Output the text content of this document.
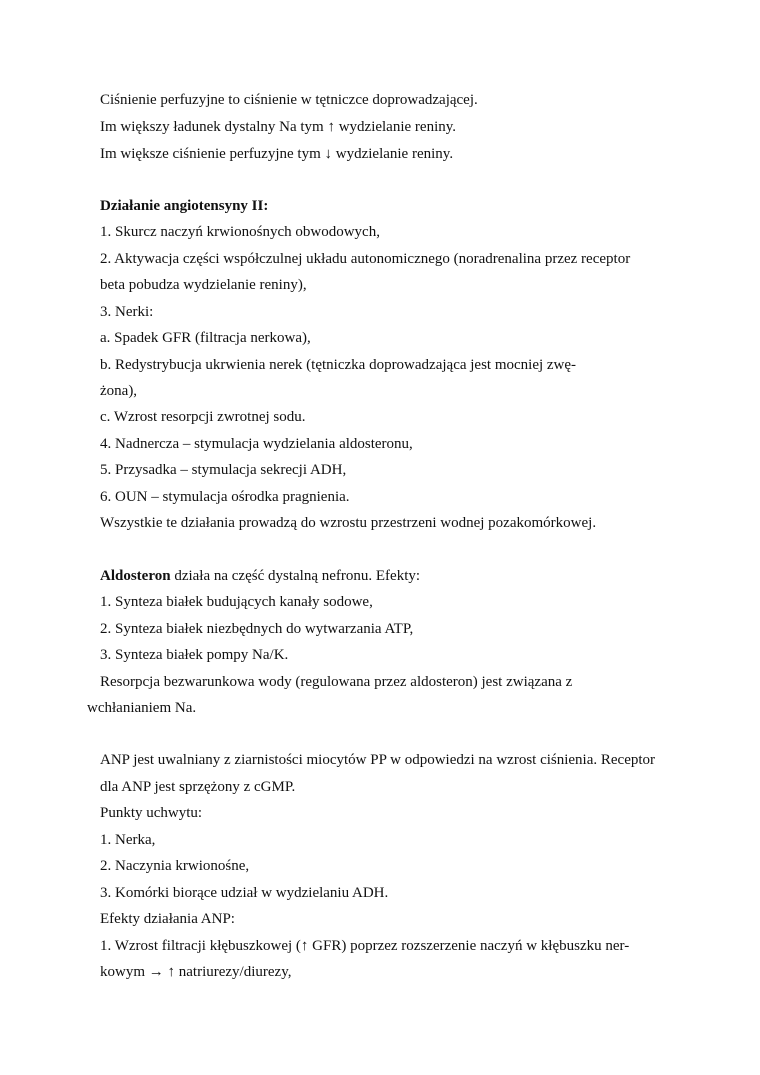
Ciśnienie perfuzyjne to ciśnienie w tętniczce doprowadzającej.
Im większy ładunek dystalny Na tym ↑ wydzielanie reniny.
Im większe ciśnienie perfuzyjne tym ↓ wydzielanie reniny.
Działanie angiotensyny II:
1. Skurcz naczyń krwionośnych obwodowych,
2. Aktywacja części współczulnej układu autonomicznego (noradrenalina przez receptor
beta pobudza wydzielanie reniny),
3. Nerki:
a. Spadek GFR (filtracja nerkowa),
b. Redystrybucja ukrwienia nerek (tętniczka doprowadzająca jest mocniej zwę-
żona),
c. Wzrost resorpcji zwrotnej sodu.
4. Nadnercza – stymulacja wydzielania aldosteronu,
5. Przysadka – stymulacja sekrecji ADH,
6. OUN – stymulacja ośrodka pragnienia.
Wszystkie te działania prowadzą do wzrostu przestrzeni wodnej pozakomórkowej.
Aldosteron działa na część dystalną nefronu. Efekty:
1. Synteza białek budujących kanały sodowe,
2. Synteza białek niezbędnych do wytwarzania ATP,
3. Synteza białek pompy Na/K.
Resorpcja bezwarunkowa wody (regulowana przez aldosteron) jest związana z
wchłanianiem Na.
ANP jest uwalniany z ziarnistości miocytów PP w odpowiedzi na wzrost ciśnienia. Receptor
dla ANP jest sprzężony z cGMP.
Punkty uchwytu:
1. Nerka,
2. Naczynia krwionośne,
3. Komórki biorące udział w wydzielaniu ADH.
Efekty działania ANP:
1. Wzrost filtracji kłębuszkowej (↑ GFR) poprzez rozszerzenie naczyń w kłębuszku ner-
kowym → ↑ natriurezy/diurezy,
